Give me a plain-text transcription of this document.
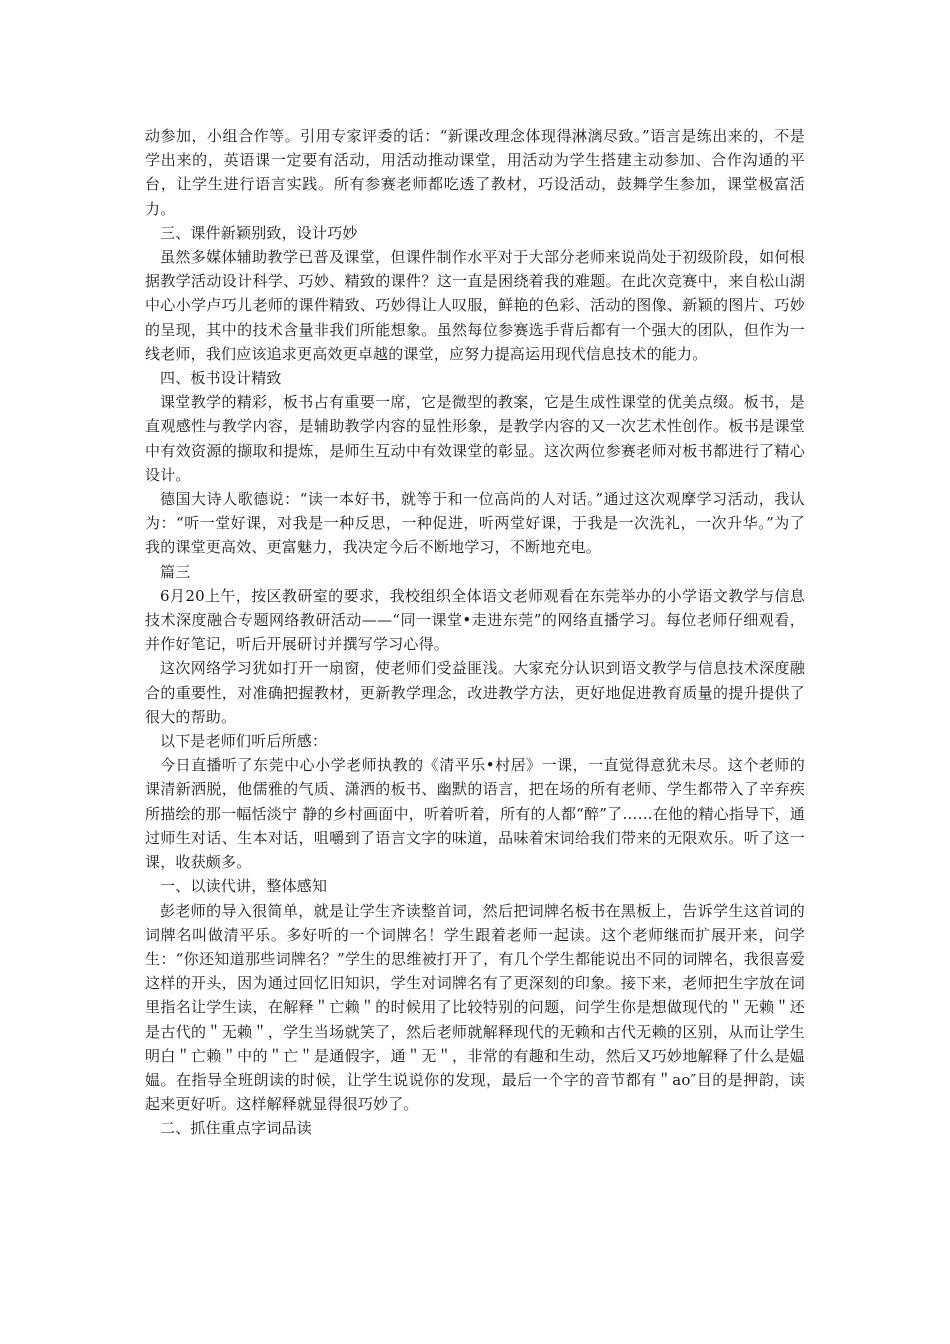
动参加，小组合作等。引用专家评委的话：“新课改理念体现得淋漓尽致。”语言是练出来的，不是学出来的，英语课一定要有活动，用活动推动课堂，用活动为学生搭建主动参加、合作沟通的平台，让学生进行语言实践。所有参赛老师都吃透了教材，巧设活动，鼓舞学生参加，课堂极富活力。

三、课件新颖别致，设计巧妙

虽然多媒体辅助教学已普及课堂，但课件制作水平对于大部分老师来说尚处于初级阶段，如何根据教学活动设计科学、巧妙、精致的课件？这一直是困绕着我的难题。在此次竞赛中，来自松山湖中心小学卢巧儿老师的课件精致、巧妙得让人叹服，鲜艳的色彩、活动的图像、新颖的图片、巧妙的呈现，其中的技术含量非我们所能想象。虽然每位参赛选手背后都有一个强大的团队，但作为一线老师，我们应该追求更高效更卓越的课堂，应努力提高运用现代信息技术的能力。

四、板书设计精致

课堂教学的精彩，板书占有重要一席，它是微型的教案，它是生成性课堂的优美点缀。板书，是直观感性与教学内容，是辅助教学内容的显性形象，是教学内容的又一次艺术性创作。板书是课堂中有效资源的撷取和提炼，是师生互动中有效课堂的彰显。这次两位参赛老师对板书都进行了精心设计。

德国大诗人歌德说：“读一本好书，就等于和一位高尚的人对话。”通过这次观摩学习活动，我认为：“听一堂好课，对我是一种反思，一种促进，听两堂好课，于我是一次洗礼，一次升华。”为了我的课堂更高效、更富魅力，我决定今后不断地学习，不断地充电。

篇三

6月20上午，按区教研室的要求，我校组织全体语文老师观看在东莞举办的小学语文教学与信息技术深度融合专题网络教研活动——“同一课堂•走进东莞”的网络直播学习。每位老师仔细观看，并作好笔记，听后开展研讨并撰写学习心得。

这次网络学习犹如打开一扇窗，使老师们受益匪浅。大家充分认识到语文教学与信息技术深度融合的重要性，对准确把握教材，更新教学理念，改进教学方法，更好地促进教育质量的提升提供了很大的帮助。

以下是老师们听后所感：

今日直播听了东莞中心小学老师执教的《清平乐•村居》一课，一直觉得意犹未尽。这个老师的课清新洒脱，他儒雅的气质、潇洒的板书、幽默的语言，把在场的所有老师、学生都带入了辛弃疾所描绘的那一幅恬淡宁 静的乡村画面中，听着听着，所有的人都“醉”了……在他的精心指导下，通过师生对话、生本对话，咀嚼到了语言文字的味道，品味着宋词给我们带来的无限欢乐。听了这一课，收获颇多。

一、以读代讲，整体感知

彭老师的导入很简单，就是让学生齐读整首词，然后把词牌名板书在黑板上，告诉学生这首词的词牌名叫做清平乐。多好听的一个词牌名！学生跟着老师一起读。这个老师继而扩展开来，问学生：“你还知道那些词牌名？”学生的思维被打开了，有几个学生都能说出不同的词牌名，我很喜爱这样的开头，因为通过回忆旧知识，学生对词牌名有了更深刻的印象。接下来，老师把生字放在词里指名让学生读，在解释＂亡赖＂的时候用了比较特别的问题，问学生你是想做现代的＂无赖＂还是古代的＂无赖＂，学生当场就笑了，然后老师就解释现代的无赖和古代无赖的区别，从而让学生明白＂亡赖＂中的＂亡＂是通假字，通＂无＂，非常的有趣和生动，然后又巧妙地解释了什么是媪媪。在指导全班朗读的时候，让学生说说你的发现，最后一个字的音节都有＂ao″目的是押韵，读起来更好听。这样解释就显得很巧妙了。

二、抓住重点字词品读
